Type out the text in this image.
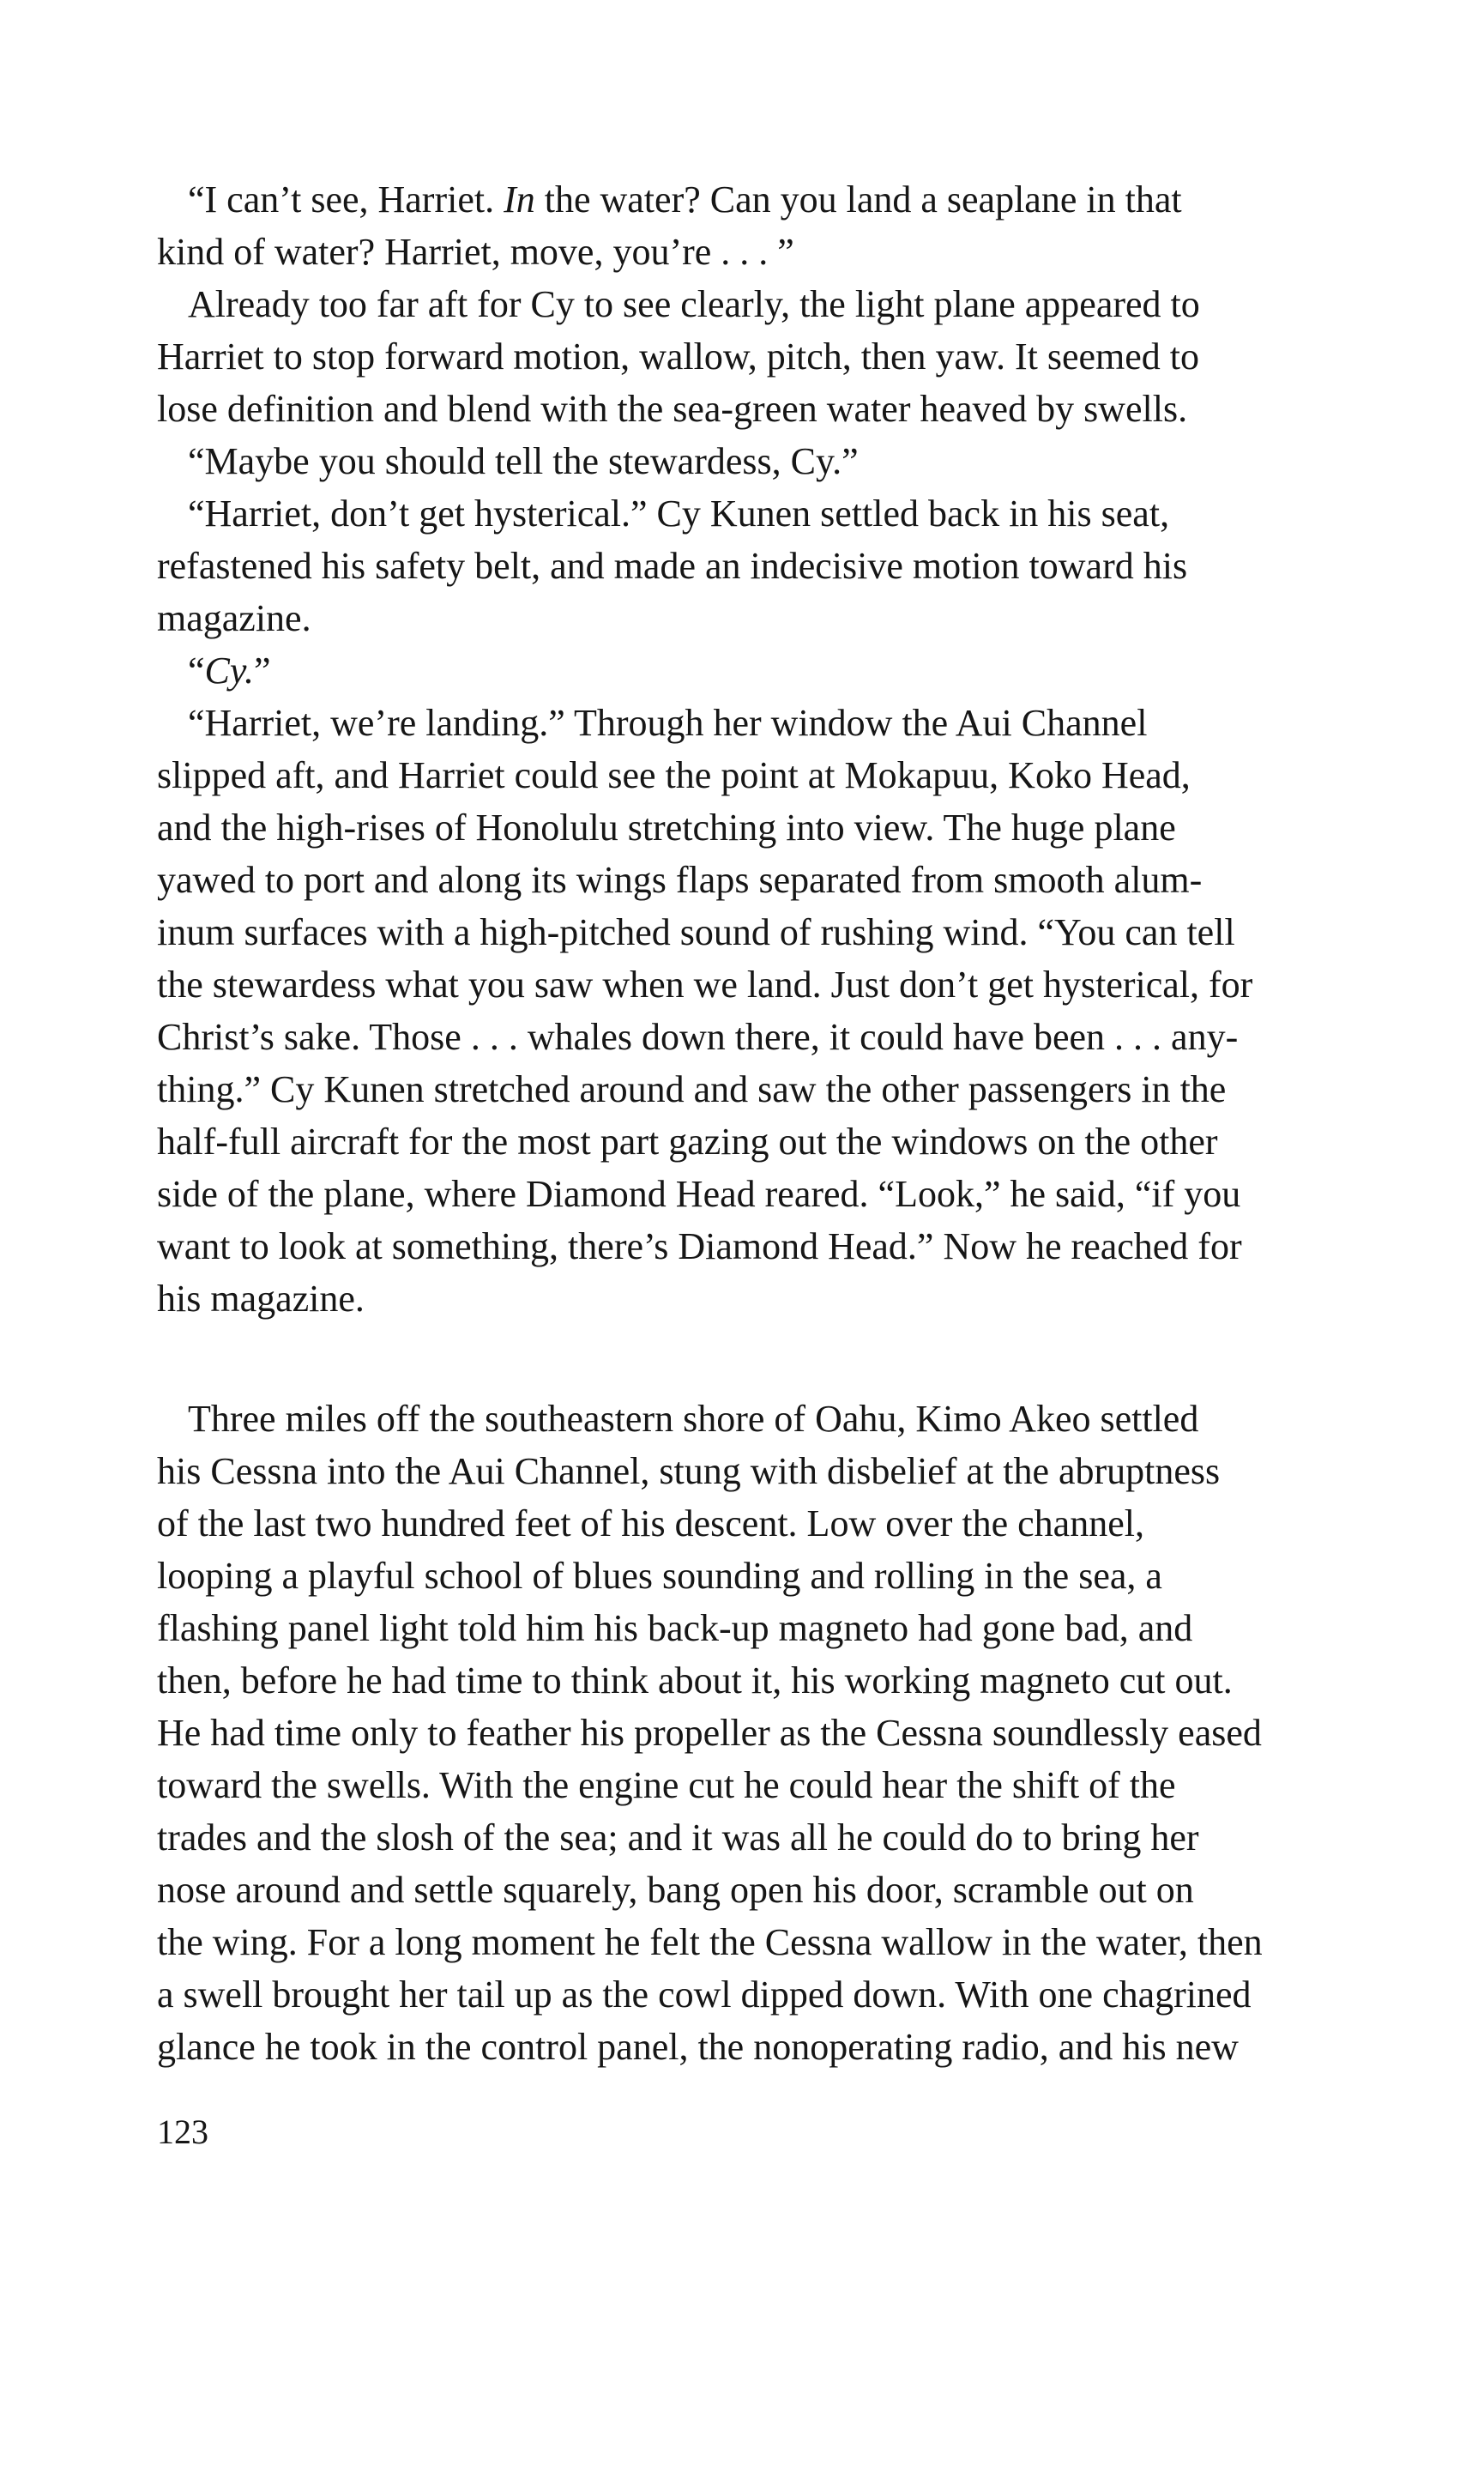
“I can’t see, Harriet. In the water? Can you land a seaplane in that
kind of water? Harriet, move, you’re . . . ”
Already too far aft for Cy to see clearly, the light plane appeared to
Harriet to stop forward motion, wallow, pitch, then yaw. It seemed to
lose definition and blend with the sea-green water heaved by swells.
“Maybe you should tell the stewardess, Cy.”
“Harriet, don’t get hysterical.” Cy Kunen settled back in his seat,
refastened his safety belt, and made an indecisive motion toward his
magazine.
“Cy.”
“Harriet, we’re landing.” Through her window the Aui Channel
slipped aft, and Harriet could see the point at Mokapuu, Koko Head,
and the high-rises of Honolulu stretching into view. The huge plane
yawed to port and along its wings flaps separated from smooth alum-
inum surfaces with a high-pitched sound of rushing wind. “You can tell
the stewardess what you saw when we land. Just don’t get hysterical, for
Christ’s sake. Those . . . whales down there, it could have been . . . any-
thing.” Cy Kunen stretched around and saw the other passengers in the
half-full aircraft for the most part gazing out the windows on the other
side of the plane, where Diamond Head reared. “Look,” he said, “if you
want to look at something, there’s Diamond Head.” Now he reached for
his magazine.
Three miles off the southeastern shore of Oahu, Kimo Akeo settled
his Cessna into the Aui Channel, stung with disbelief at the abruptness
of the last two hundred feet of his descent. Low over the channel,
looping a playful school of blues sounding and rolling in the sea, a
flashing panel light told him his back-up magneto had gone bad, and
then, before he had time to think about it, his working magneto cut out.
He had time only to feather his propeller as the Cessna soundlessly eased
toward the swells. With the engine cut he could hear the shift of the
trades and the slosh of the sea; and it was all he could do to bring her
nose around and settle squarely, bang open his door, scramble out on
the wing. For a long moment he felt the Cessna wallow in the water, then
a swell brought her tail up as the cowl dipped down. With one chagrined
glance he took in the control panel, the nonoperating radio, and his new
123
